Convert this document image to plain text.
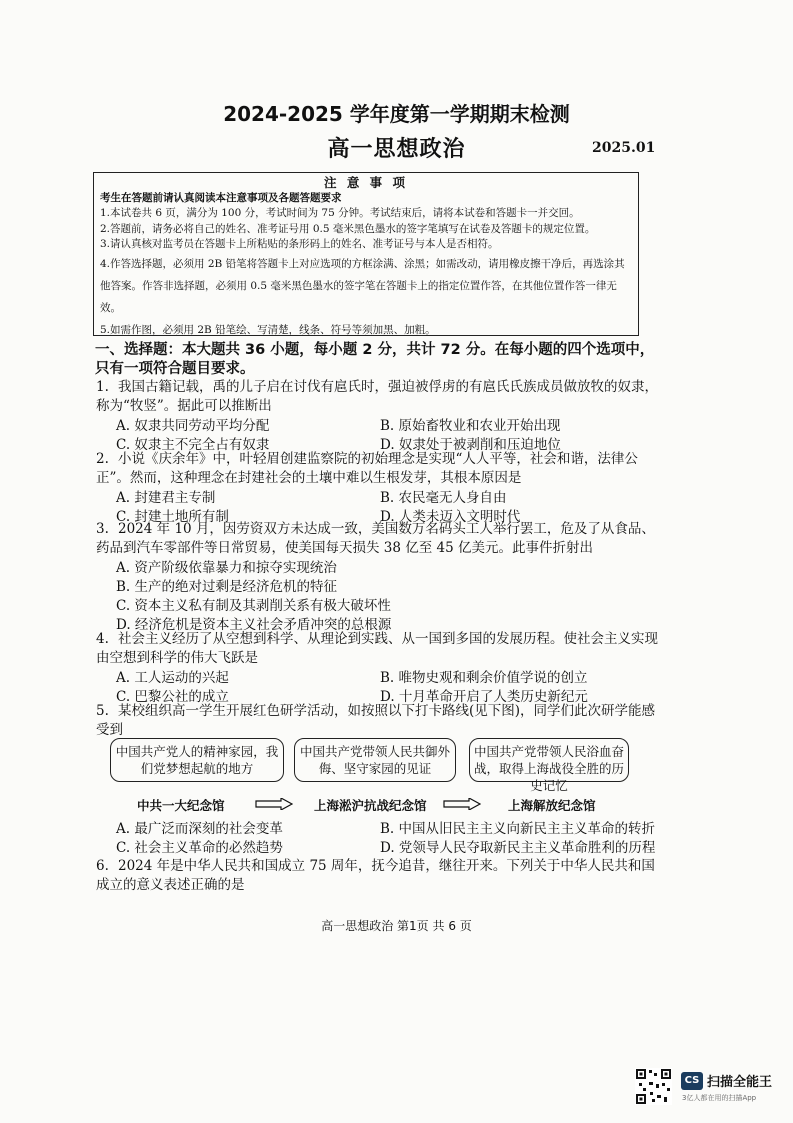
2024-2025 学年度第一学期期末检测
高一思想政治	2025.01
注 意 事 项
考生在答题前请认真阅读本注意事项及各题答题要求
1.本试卷共 6 页，满分为 100 分，考试时间为 75 分钟。考试结束后，请将本试卷和答题卡一并交回。
2.答题前，请务必将自己的姓名、准考证号用 0.5 毫米黑色墨水的签字笔填写在试卷及答题卡的规定位置。
3.请认真核对监考员在答题卡上所粘贴的条形码上的姓名、准考证号与本人是否相符。
4.作答选择题，必须用 2B 铅笔将答题卡上对应选项的方框涂满、涂黑；如需改动，请用橡皮擦干净后，再选涂其他答案。作答非选择题，必须用 0.5 毫米黑色墨水的签字笔在答题卡上的指定位置作答，在其他位置作答一律无效。
5.如需作图，必须用 2B 铅笔绘、写清楚，线条、符号等须加黑、加粗。
一、选择题：本大题共 36 小题，每小题 2 分，共计 72 分。在每小题的四个选项中，只有一项符合题目要求。
1. 我国古籍记载，禹的儿子启在讨伐有扈氏时，强迫被俘虏的有扈氏氏族成员做放牧的奴隶，称为“牧竖”。据此可以推断出
A. 奴隶共同劳动平均分配	B. 原始畜牧业和农业开始出现
C. 奴隶主不完全占有奴隶	D. 奴隶处于被剥削和压迫地位
2. 小说《庆余年》中，叶轻眉创建监察院的初始理念是实现“人人平等，社会和谐，法律公正”。然而，这种理念在封建社会的土壤中难以生根发芽，其根本原因是
A. 封建君主专制	B. 农民毫无人身自由
C. 封建土地所有制	D. 人类未迈入文明时代
3. 2024 年 10 月，因劳资双方未达成一致，美国数万名码头工人举行罢工，危及了从食品、药品到汽车零部件等日常贸易，使美国每天损失 38 亿至 45 亿美元。此事件折射出
A. 资产阶级依靠暴力和掠夺实现统治
B. 生产的绝对过剩是经济危机的特征
C. 资本主义私有制及其剥削关系有极大破坏性
D. 经济危机是资本主义社会矛盾冲突的总根源
4. 社会主义经历了从空想到科学、从理论到实践、从一国到多国的发展历程。使社会主义实现由空想到科学的伟大飞跃是
A. 工人运动的兴起	B. 唯物史观和剩余价值学说的创立
C. 巴黎公社的成立	D. 十月革命开启了人类历史新纪元
5. 某校组织高一学生开展红色研学活动，如按照以下打卡路线(见下图)，同学们此次研学能感受到
中国共产党人的精神家园，我们党梦想起航的地方
中国共产党带领人民共御外侮、坚守家园的见证
中国共产党带领人民浴血奋战，取得上海战役全胜的历史记忆
中共一大纪念馆	上海淞沪抗战纪念馆	上海解放纪念馆
A. 最广泛而深刻的社会变革	B. 中国从旧民主主义向新民主主义革命的转折
C. 社会主义革命的必然趋势	D. 党领导人民夺取新民主主义革命胜利的历程
6. 2024 年是中华人民共和国成立 75 周年，抚今追昔，继往开来。下列关于中华人民共和国成立的意义表述正确的是
高一思想政治 第1页 共 6 页
CS 扫描全能王
3亿人都在用的扫描App
